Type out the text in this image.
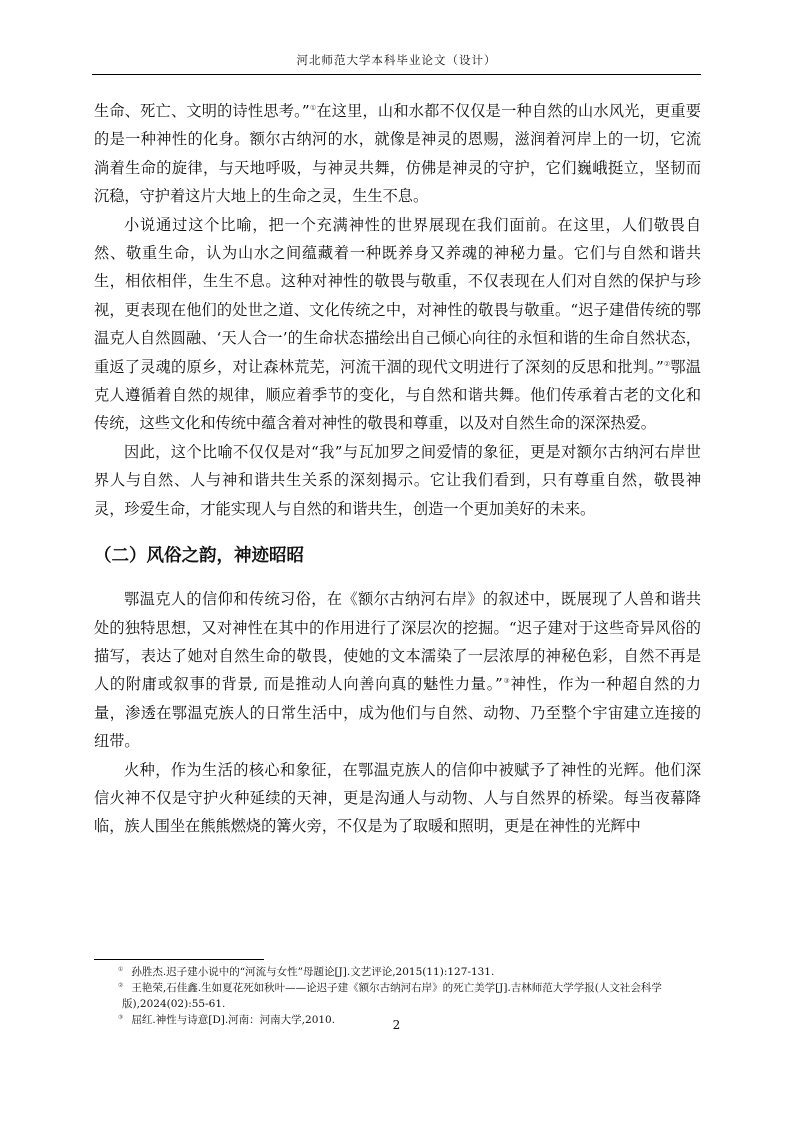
河北师范大学本科毕业论文（设计）

生命、死亡、文明的诗性思考。”①在这里，山和水都不仅仅是一种自然的山水风光，更重要的是一种神性的化身。额尔古纳河的水，就像是神灵的恩赐，滋润着河岸上的一切，它流淌着生命的旋律，与天地呼吸，与神灵共舞，仿佛是神灵的守护，它们巍峨挺立，坚韧而沉稳，守护着这片大地上的生命之灵，生生不息。

小说通过这个比喻，把一个充满神性的世界展现在我们面前。在这里，人们敬畏自然、敬重生命，认为山水之间蕴藏着一种既养身又养魂的神秘力量。它们与自然和谐共生，相依相伴，生生不息。这种对神性的敬畏与敬重，不仅表现在人们对自然的保护与珍视，更表现在他们的处世之道、文化传统之中，对神性的敬畏与敬重。“迟子建借传统的鄂温克人自然圆融、‘天人合一’的生命状态描绘出自己倾心向往的永恒和谐的生命自然状态，重返了灵魂的原乡，对让森林荒芜，河流干涸的现代文明进行了深刻的反思和批判。”②鄂温克人遵循着自然的规律，顺应着季节的变化，与自然和谐共舞。他们传承着古老的文化和传统，这些文化和传统中蕴含着对神性的敬畏和尊重，以及对自然生命的深深热爱。

因此，这个比喻不仅仅是对“我”与瓦加罗之间爱情的象征，更是对额尔古纳河右岸世界人与自然、人与神和谐共生关系的深刻揭示。它让我们看到，只有尊重自然，敬畏神灵，珍爱生命，才能实现人与自然的和谐共生，创造一个更加美好的未来。

（二）风俗之韵，神迹昭昭

鄂温克人的信仰和传统习俗，在《额尔古纳河右岸》的叙述中，既展现了人兽和谐共处的独特思想，又对神性在其中的作用进行了深层次的挖掘。“迟子建对于这些奇异风俗的描写，表达了她对自然生命的敬畏，使她的文本濡染了一层浓厚的神秘色彩，自然不再是人的附庸或叙事的背景, 而是推动人向善向真的魅性力量。”③神性，作为一种超自然的力量，渗透在鄂温克族人的日常生活中，成为他们与自然、动物、乃至整个宇宙建立连接的纽带。

火种，作为生活的核心和象征，在鄂温克族人的信仰中被赋予了神性的光辉。他们深信火神不仅是守护火种延续的天神，更是沟通人与动物、人与自然界的桥梁。每当夜幕降临，族人围坐在熊熊燃烧的篝火旁，不仅是为了取暖和照明，更是在神性的光辉中

① 孙胜杰.迟子建小说中的“河流与女性”母题论[J].文艺评论,2015(11):127-131.
② 王艳荣,石佳鑫.生如夏花死如秋叶——论迟子建《额尔古纳河右岸》的死亡美学[J].吉林师范大学学报(人文社会科学版),2024(02):55-61.
③ 屈红.神性与诗意[D].河南：河南大学,2010.	2
